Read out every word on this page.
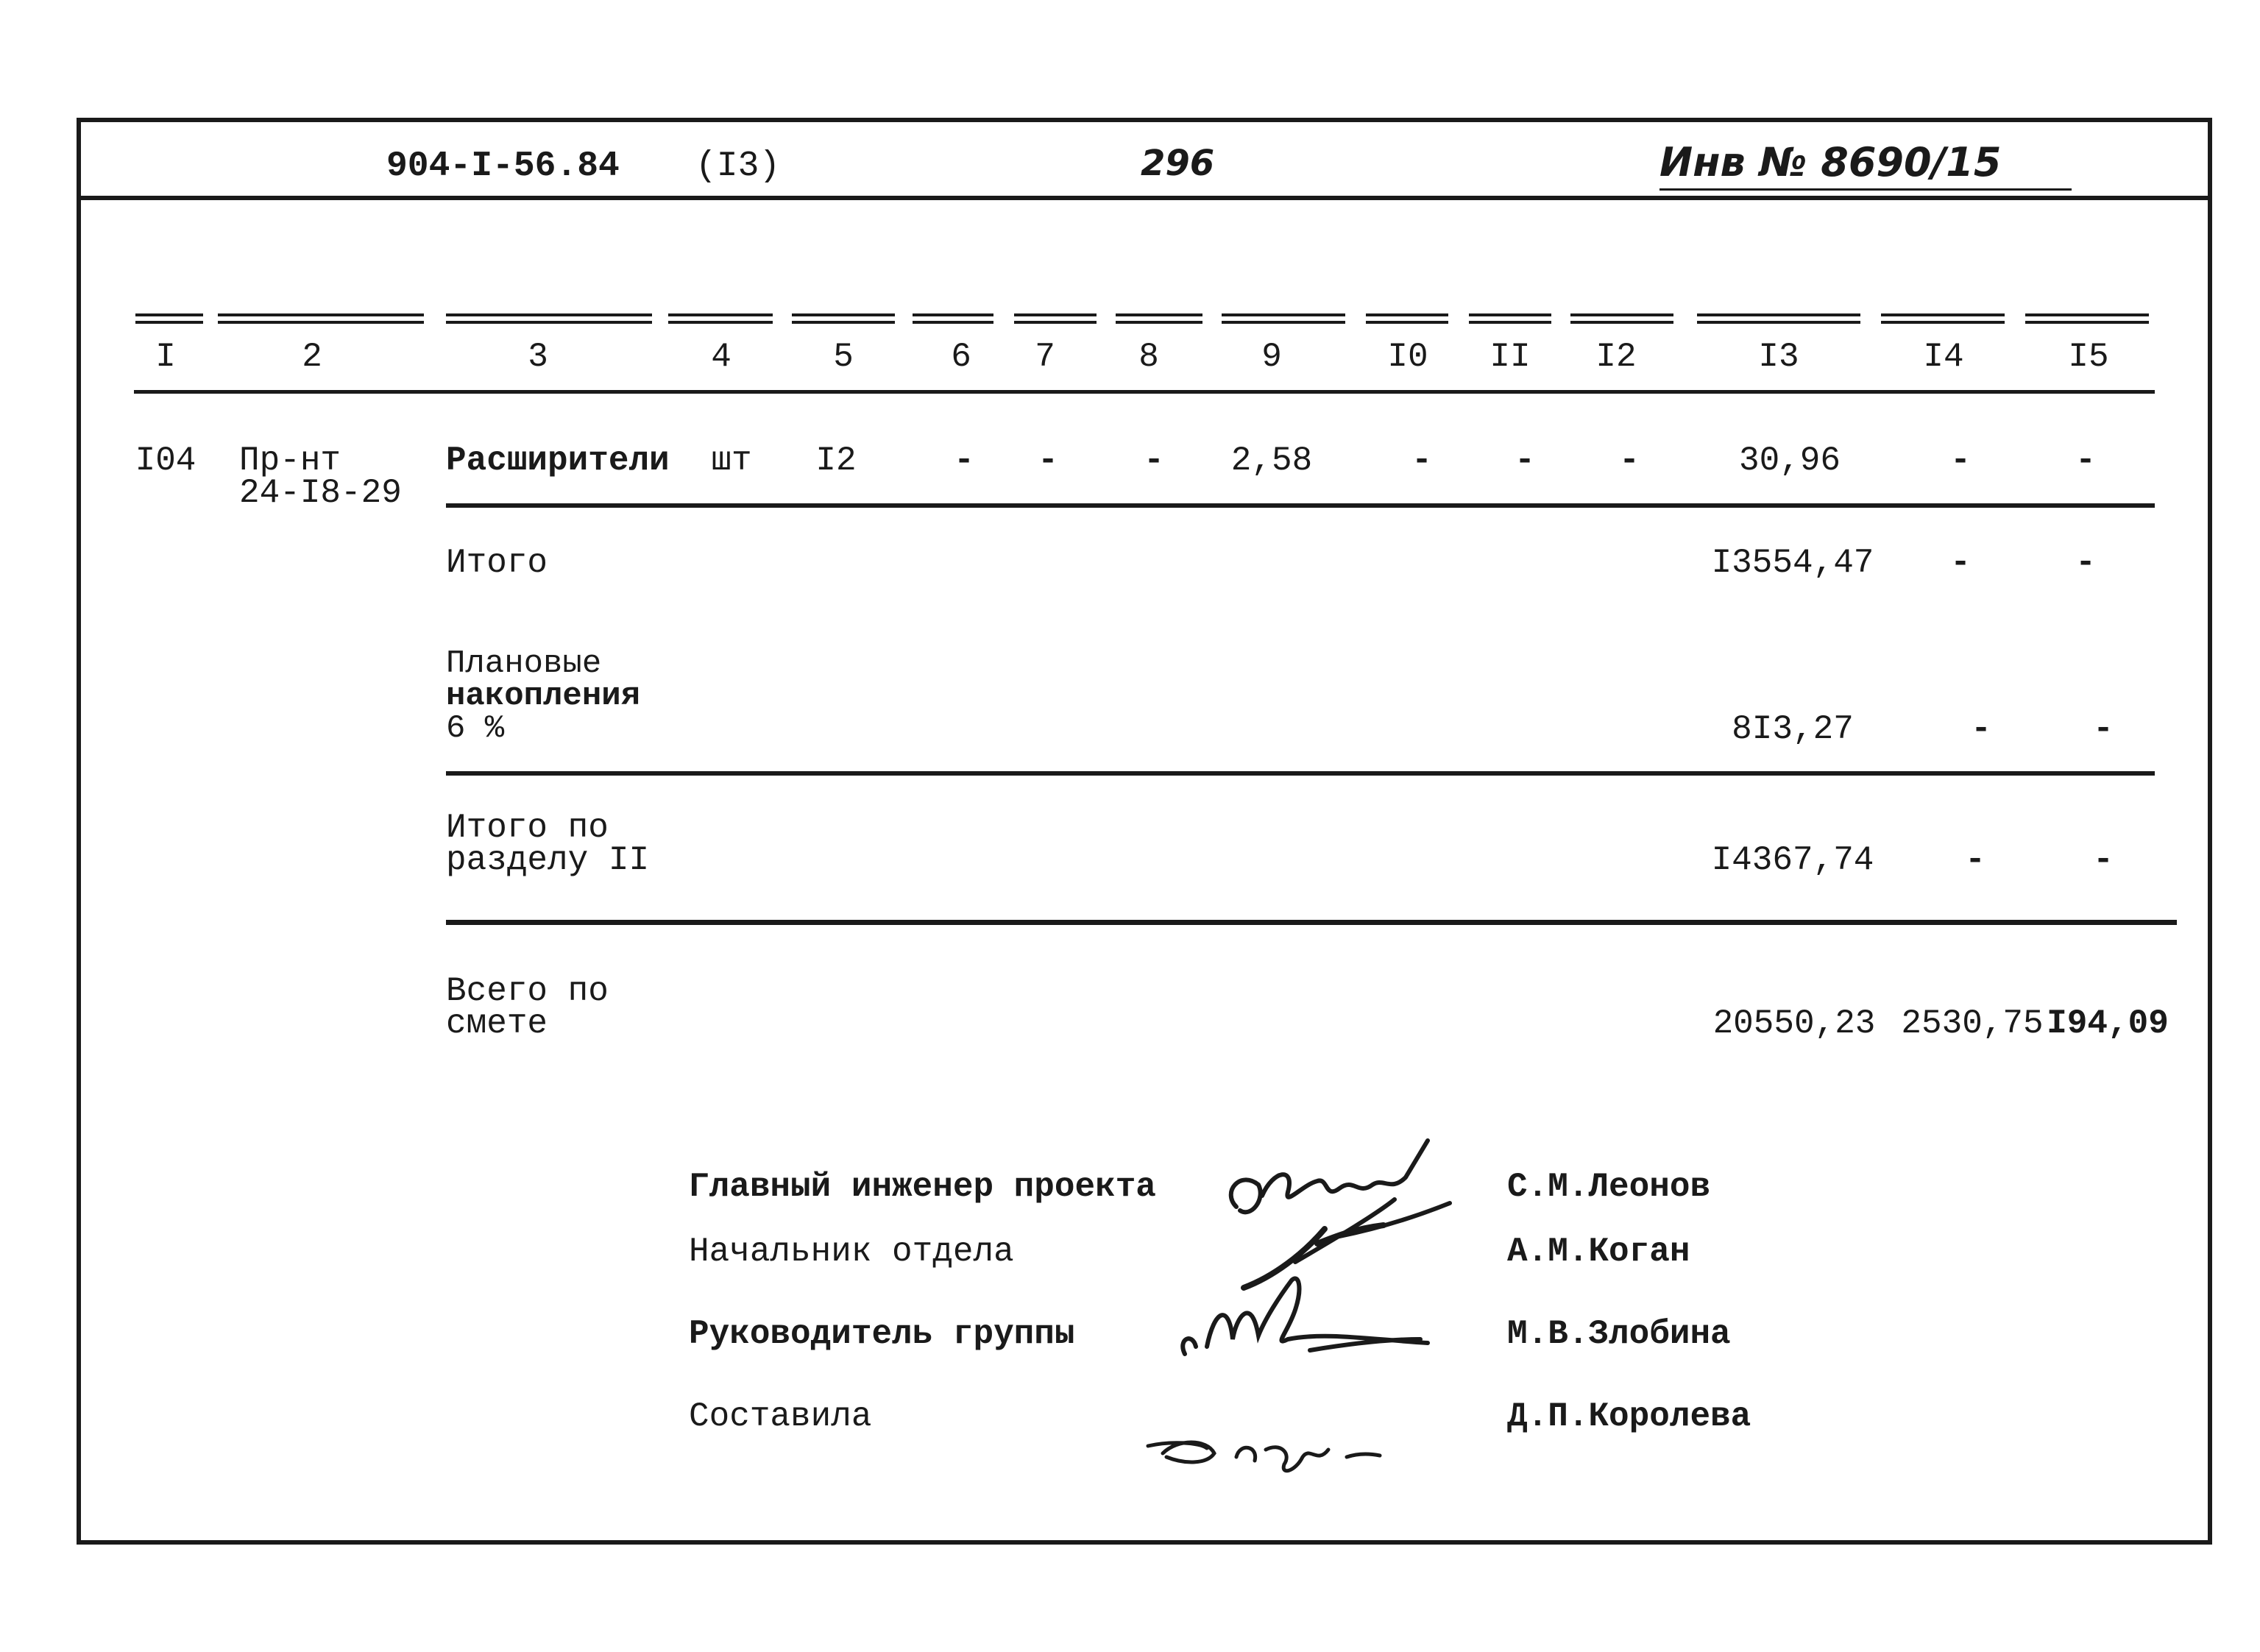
904-I-56.84 (I3)	296	Инв № 8690/15
I	2	3	4	5	6 7 8	9	I0 II I2	I3	I4	I5
I04 Пр-нт
24-I8-29
Расширители шт I2	- -	- 2,58	- - -	30,96	-	-
Итого	I3554,47 -	-
Плановые
накопления
6 %	8I3,27	-	-
Итого по
разделу II	I4367,74	-	-
Всего по
смете	20550,23 2530,75 I94,09
Главный инженер проекта	С.М.Леонов
Начальник отдела	А.М.Коган
Руководитель группы	М.В.Злобина
Составила	Д.П.Королева
